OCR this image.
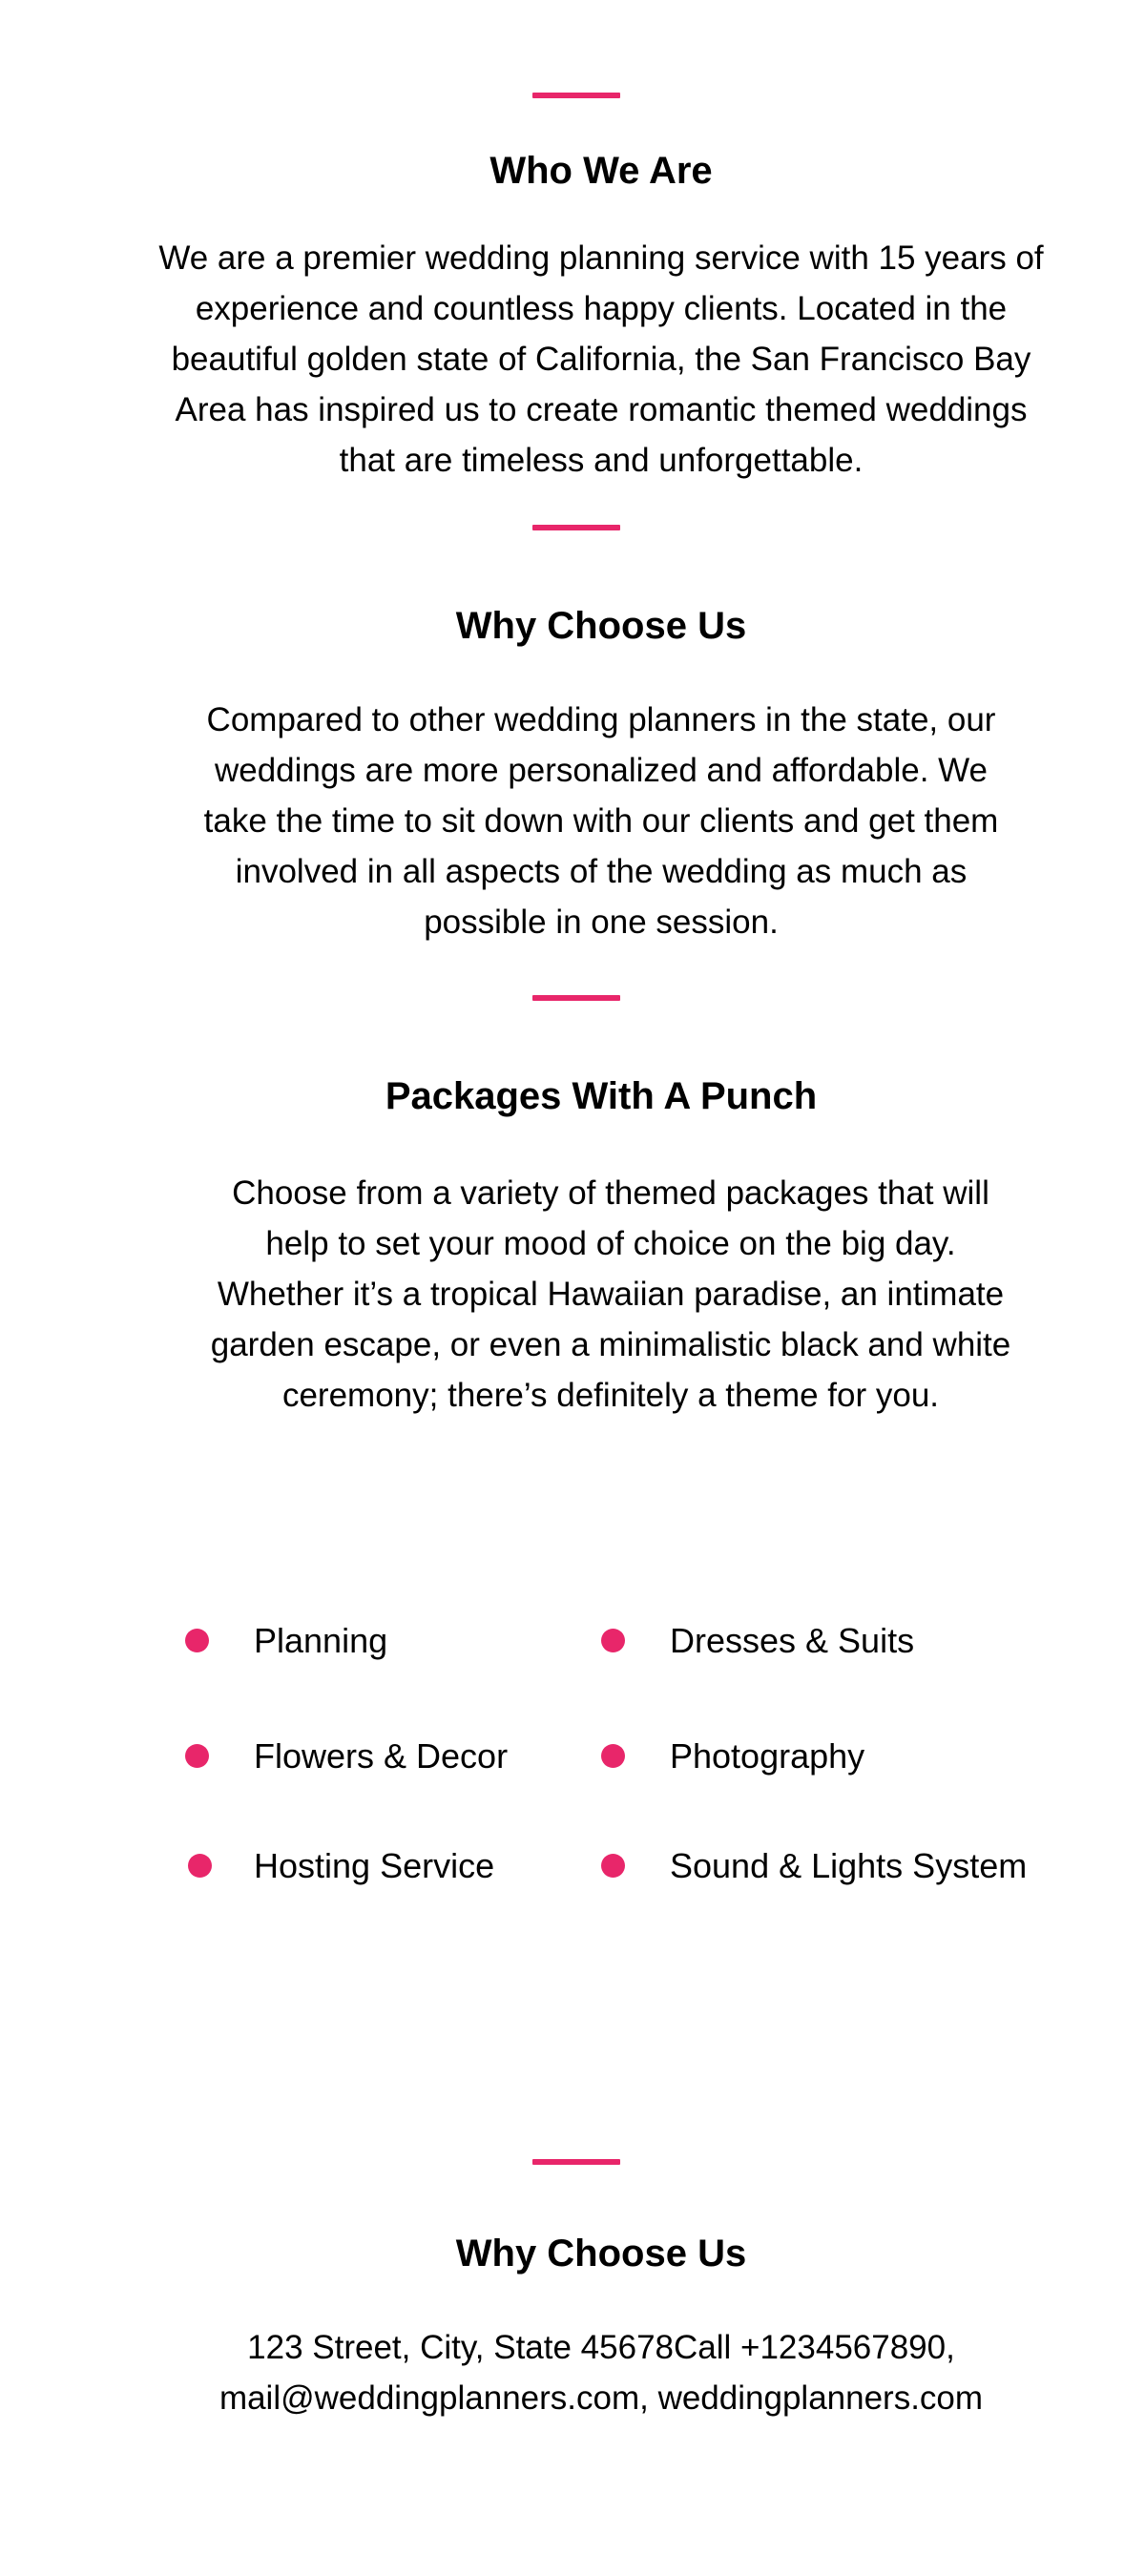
Who We Are
We are a premier wedding planning service with 15 years of
experience and countless happy clients. Located in the
beautiful golden state of California, the San Francisco Bay
Area has inspired us to create romantic themed weddings
that are timeless and unforgettable.
Why Choose Us
Compared to other wedding planners in the state, our
weddings are more personalized and affordable. We
take the time to sit down with our clients and get them
involved in all aspects of the wedding as much as
possible in one session.
Packages With A Punch
Choose from a variety of themed packages that will
help to set your mood of choice on the big day.
Whether it’s a tropical Hawaiian paradise, an intimate
garden escape, or even a minimalistic black and white
ceremony; there’s definitely a theme for you.
Planning	Dresses & Suits
Flowers & Decor	Photography
Hosting Service	Sound & Lights System
Why Choose Us
123 Street, City, State 45678Call +1234567890,
mail@weddingplanners.com, weddingplanners.com
